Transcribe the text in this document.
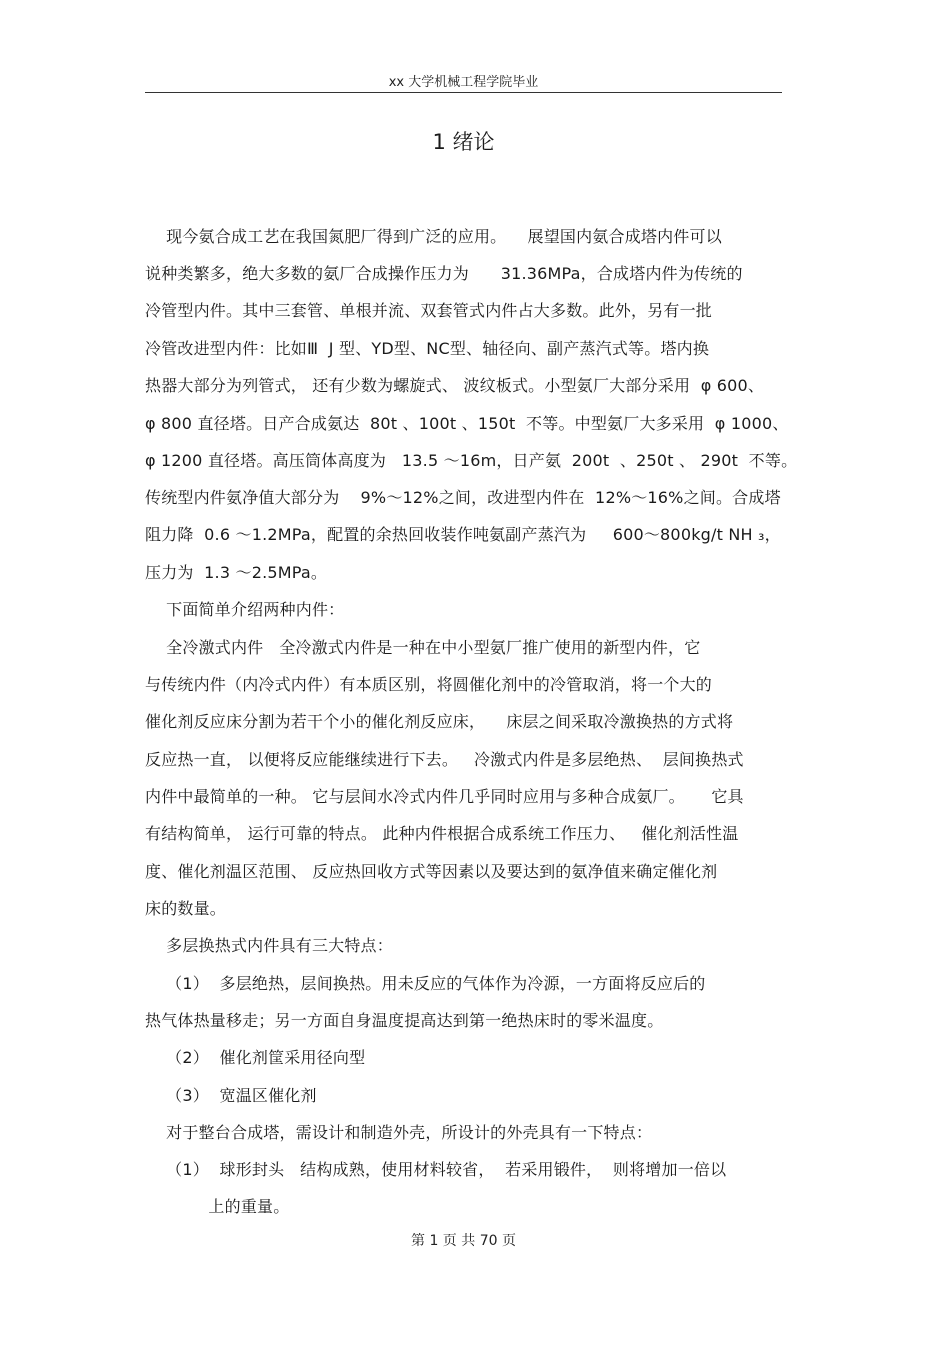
xx 大学机械工程学院毕业
1 绪论
现今氨合成工艺在我国氮肥厂得到广泛的应用。    展望国内氨合成塔内件可以
说种类繁多，绝大多数的氨厂合成操作压力为      31.36MPa，合成塔内件为传统的
冷管型内件。其中三套管、单根并流、双套管式内件占大多数。此外，另有一批
冷管改进型内件：比如Ⅲ  J 型、YD型、NC型、轴径向、副产蒸汽式等。塔内换
热器大部分为列管式， 还有少数为螺旋式、 波纹板式。小型氨厂大部分采用  φ 600、
φ 800 直径塔。日产合成氨达  80t 、100t 、150t  不等。中型氨厂大多采用  φ 1000、
φ 1200 直径塔。高压筒体高度为   13.5 ～16m，日产氨  200t  、250t 、 290t  不等。
传统型内件氨净值大部分为    9%～12%之间，改进型内件在  12%～16%之间。合成塔
阻力降  0.6 ～1.2MPa，配置的余热回收装作吨氨副产蒸汽为     600～800kg/t NH ₃，
压力为  1.3 ～2.5MPa。
下面简单介绍两种内件：
全冷激式内件   全冷激式内件是一种在中小型氨厂推广使用的新型内件，它
与传统内件（内冷式内件）有本质区别，将圆催化剂中的冷管取消，将一个大的
催化剂反应床分割为若干个小的催化剂反应床，    床层之间采取冷激换热的方式将
反应热一直， 以便将反应能继续进行下去。   冷激式内件是多层绝热、  层间换热式
内件中最简单的一种。 它与层间水冷式内件几乎同时应用与多种合成氨厂。     它具
有结构简单， 运行可靠的特点。 此种内件根据合成系统工作压力、   催化剂活性温
度、催化剂温区范围、 反应热回收方式等因素以及要达到的氨净值来确定催化剂
床的数量。
多层换热式内件具有三大特点：
（1）  多层绝热，层间换热。用未反应的气体作为冷源，一方面将反应后的
热气体热量移走；另一方面自身温度提高达到第一绝热床时的零米温度。
（2）  催化剂筐采用径向型
（3）  宽温区催化剂
对于整台合成塔，需设计和制造外壳，所设计的外壳具有一下特点：
（1）  球形封头   结构成熟，使用材料较省，  若采用锻件，  则将增加一倍以
上的重量。
第 1 页 共 70 页
